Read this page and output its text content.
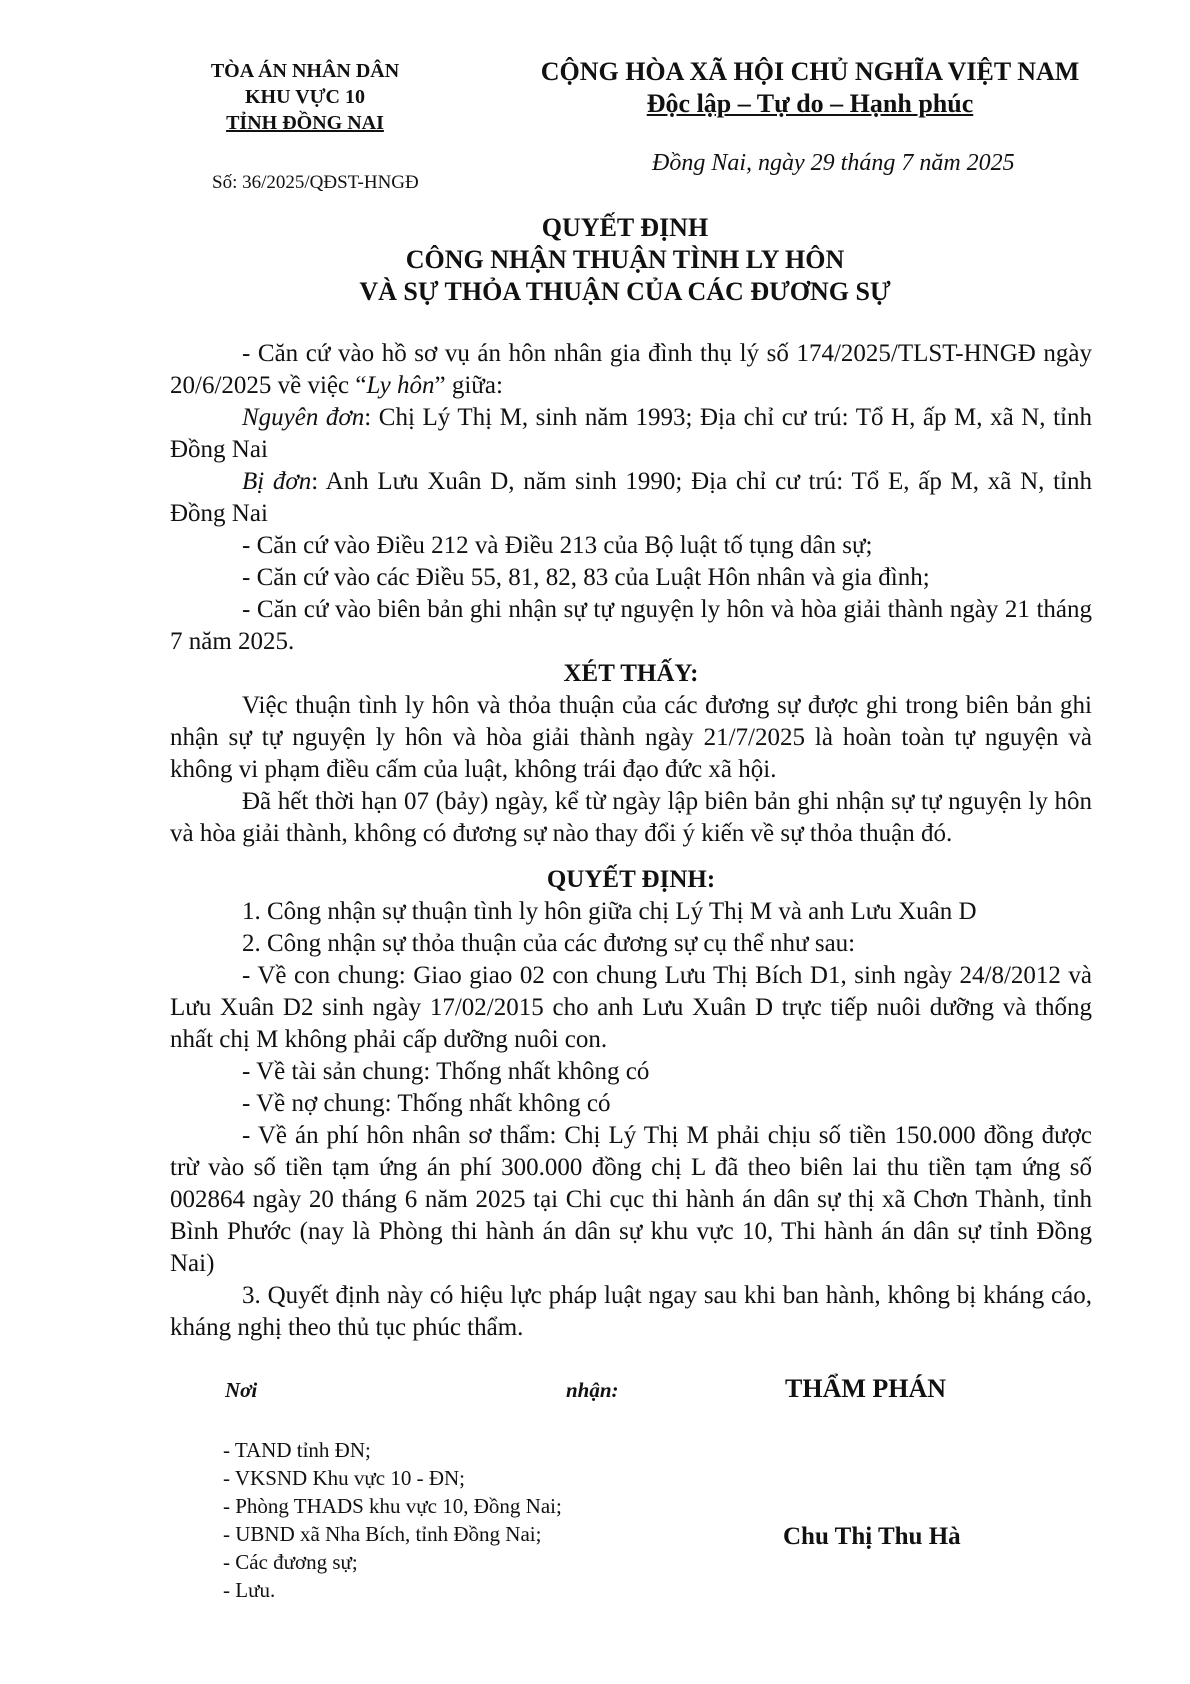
TÒA ÁN NHÂN DÂN
KHU VỰC 10
TỈNH ĐỒNG NAI
Số: 36/2025/QĐST-HNGĐ
CỘNG HÒA XÃ HỘI CHỦ NGHĨA VIỆT NAM
Độc lập – Tự do – Hạnh phúc
Đồng Nai, ngày 29 tháng 7 năm 2025
QUYẾT ĐỊNH
CÔNG NHẬN THUẬN TÌNH LY HÔN
VÀ SỰ THỎA THUẬN CỦA CÁC ĐƯƠNG SỰ

- Căn cứ vào hồ sơ vụ án hôn nhân gia đình thụ lý số 174/2025/TLST-HNGĐ ngày 20/6/2025 về việc “Ly hôn” giữa:

Nguyên đơn: Chị Lý Thị M, sinh năm 1993; Địa chỉ cư trú: Tổ H, ấp M, xã N, tỉnh Đồng Nai

Bị đơn: Anh Lưu Xuân D, năm sinh 1990; Địa chỉ cư trú: Tổ E, ấp M, xã N, tỉnh Đồng Nai

- Căn cứ vào Điều 212 và Điều 213 của Bộ luật tố tụng dân sự;

- Căn cứ vào các Điều 55, 81, 82, 83 của Luật Hôn nhân và gia đình;

- Căn cứ vào biên bản ghi nhận sự tự nguyện ly hôn và hòa giải thành ngày 21 tháng 7 năm 2025.

XÉT THẤY:

Việc thuận tình ly hôn và thỏa thuận của các đương sự được ghi trong biên bản ghi nhận sự tự nguyện ly hôn và hòa giải thành ngày 21/7/2025 là hoàn toàn tự nguyện và không vi phạm điều cấm của luật, không trái đạo đức xã hội.

Đã hết thời hạn 07 (bảy) ngày, kể từ ngày lập biên bản ghi nhận sự tự nguyện ly hôn và hòa giải thành, không có đương sự nào thay đổi ý kiến về sự thỏa thuận đó.

QUYẾT ĐỊNH:

1. Công nhận sự thuận tình ly hôn giữa chị Lý Thị M và anh Lưu Xuân D

2. Công nhận sự thỏa thuận của các đương sự cụ thể như sau:

- Về con chung: Giao giao 02 con chung Lưu Thị Bích D1, sinh ngày 24/8/2012 và Lưu Xuân D2 sinh ngày 17/02/2015 cho anh Lưu Xuân D trực tiếp nuôi dưỡng và thống nhất chị M không phải cấp dưỡng nuôi con.

- Về tài sản chung: Thống nhất không có

- Về nợ chung: Thống nhất không có

- Về án phí hôn nhân sơ thẩm: Chị Lý Thị M phải chịu số tiền 150.000 đồng được trừ vào số tiền tạm ứng án phí 300.000 đồng chị L đã theo biên lai thu tiền tạm ứng số 002864 ngày 20 tháng 6 năm 2025 tại Chi cục thi hành án dân sự thị xã Chơn Thành, tỉnh Bình Phước (nay là Phòng thi hành án dân sự khu vực 10, Thi hành án dân sự tỉnh Đồng Nai)

3. Quyết định này có hiệu lực pháp luật ngay sau khi ban hành, không bị kháng cáo, kháng nghị theo thủ tục phúc thẩm.

Nơi	nhận:	THẨM PHÁN
- TAND tỉnh ĐN;
- VKSND Khu vực 10 - ĐN;
- Phòng THADS khu vực 10, Đồng Nai;
- UBND xã Nha Bích, tỉnh Đồng Nai;
- Các đương sự;
- Lưu.
Chu Thị Thu Hà
